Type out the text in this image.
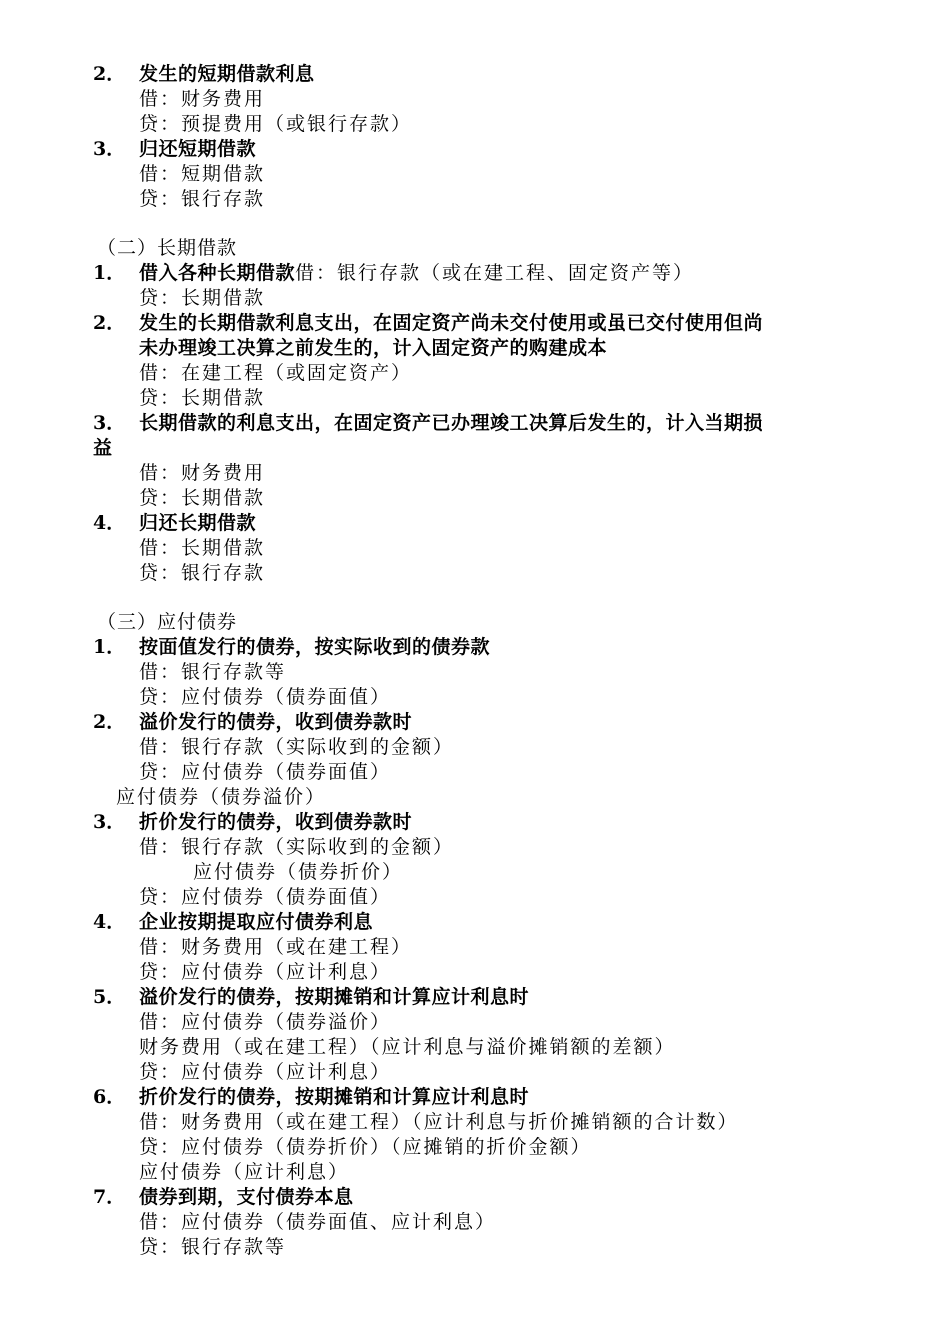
2． 发生的短期借款利息
借：财务费用
贷：预提费用（或银行存款）
3． 归还短期借款
借：短期借款
贷：银行存款
（二）长期借款
1． 借入各种长期借款借：银行存款（或在建工程、固定资产等）
贷：长期借款
2． 发生的长期借款利息支出，在固定资产尚未交付使用或虽已交付使用但尚
未办理竣工决算之前发生的，计入固定资产的购建成本
借：在建工程（或固定资产）
贷：长期借款
3． 长期借款的利息支出，在固定资产已办理竣工决算后发生的，计入当期损
益
借：财务费用
贷：长期借款
4． 归还长期借款
借：长期借款
贷：银行存款
（三）应付债券
1． 按面值发行的债券，按实际收到的债券款
借：银行存款等
贷：应付债券（债券面值）
2． 溢价发行的债券，收到债券款时
借：银行存款（实际收到的金额）
贷：应付债券（债券面值）
应付债券（债券溢价）
3． 折价发行的债券，收到债券款时
借：银行存款（实际收到的金额）
应付债券（债券折价）
贷：应付债券（债券面值）
4． 企业按期提取应付债券利息
借：财务费用（或在建工程）
贷：应付债券（应计利息）
5． 溢价发行的债券，按期摊销和计算应计利息时
借：应付债券（债券溢价）
财务费用（或在建工程）（应计利息与溢价摊销额的差额）
贷：应付债券（应计利息）
6． 折价发行的债券，按期摊销和计算应计利息时
借：财务费用（或在建工程）（应计利息与折价摊销额的合计数）
贷：应付债券（债券折价）（应摊销的折价金额）
应付债券（应计利息）
7． 债券到期，支付债券本息
借：应付债券（债券面值、应计利息）
贷：银行存款等
